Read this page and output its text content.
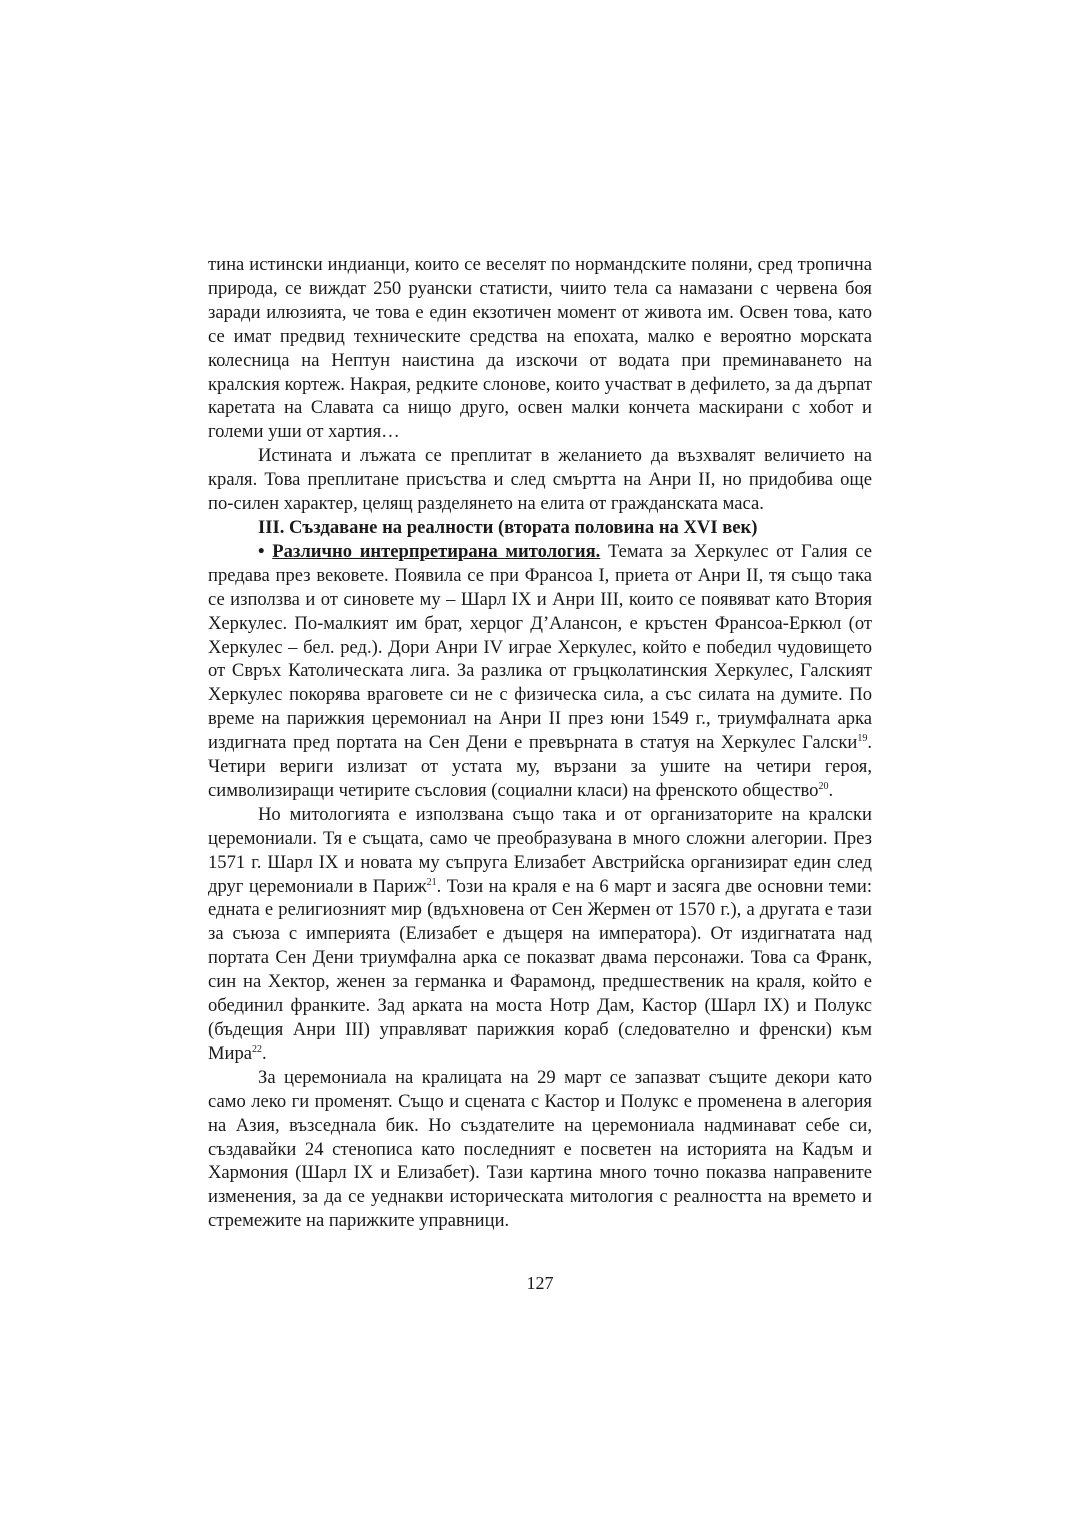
тина истински индианци, които се веселят по нормандските поляни, сред тропична природа, се виждат 250 руански статисти, чиито тела са намазани с червена боя заради илюзията, че това е един екзотичен момент от живота им. Освен това, като се имат предвид техническите средства на епохата, малко е вероятно морската колесница на Нептун наистина да изскочи от водата при преминаването на кралския кортеж. Накрая, редките слонове, които участват в дефилето, за да дърпат каретата на Славата са нищо друго, освен малки кончета маскирани с хобот и големи уши от хартия…

Истината и лъжата се преплитат в желанието да възхвалят величието на краля. Това преплитане присъства и след смъртта на Анри II, но придобива още по-силен характер, целящ разделянето на елита от гражданската маса.

III. Създаване на реалности (втората половина на XVI век)

• Различно интерпретирана митология. Темата за Херкулес от Галия се предава през вековете. Появила се при Франсоа I, приета от Анри II, тя също така се използва и от синовете му – Шарл IX и Анри III, които се появяват като Втория Херкулес. По-малкият им брат, херцог Д’Алансон, е кръстен Франсоа-Еркюл (от Херкулес – бел. ред.). Дори Анри IV играе Херкулес, който е победил чудовището от Свръх Католическата лига. За разлика от гръцколатинския Херкулес, Галският Херкулес покорява враговете си не с физическа сила, а със силата на думите. По време на парижкия церемониал на Анри II през юни 1549 г., триумфалната арка издигната пред портата на Сен Дени е превърната в статуя на Херкулес Галски$^{19}$. Четири вериги излизат от устата му, вързани за ушите на четири героя, символизиращи четирите съсловия (социални класи) на френското общество$^{20}$.

Но митологията е използвана също така и от организаторите на кралски церемониали. Тя е същата, само че преобразувана в много сложни алегории. През 1571 г. Шарл IX и новата му съпруга Елизабет Австрийска организират един след друг церемониали в Париж$^{21}$. Този на краля е на 6 март и засяга две основни теми: едната е религиозният мир (вдъхновена от Сен Жермен от 1570 г.), а другата е тази за съюза с империята (Елизабет е дъщеря на императора). От издигнатата над портата Сен Дени триумфална арка се показват двама персонажи. Това са Франк, син на Хектор, женен за германка и Фарамонд, предшественик на краля, който е обединил франките. Зад арката на моста Нотр Дам, Кастор (Шарл IX) и Полукс (бъдещия Анри III) управляват парижкия кораб (следователно и френски) към Мира$^{22}$.

За церемониала на кралицата на 29 март се запазват същите декори като само леко ги променят. Също и сцената с Кастор и Полукс е променена в алегория на Азия, възседнала бик. Но създателите на церемониала надминават себе си, създавайки 24 стенописа като последният е посветен на историята на Кадъм и Хармония (Шарл IX и Елизабет). Тази картина много точно показва направените изменения, за да се уеднакви историческата митология с реалността на времето и стремежите на парижките управници.

127
